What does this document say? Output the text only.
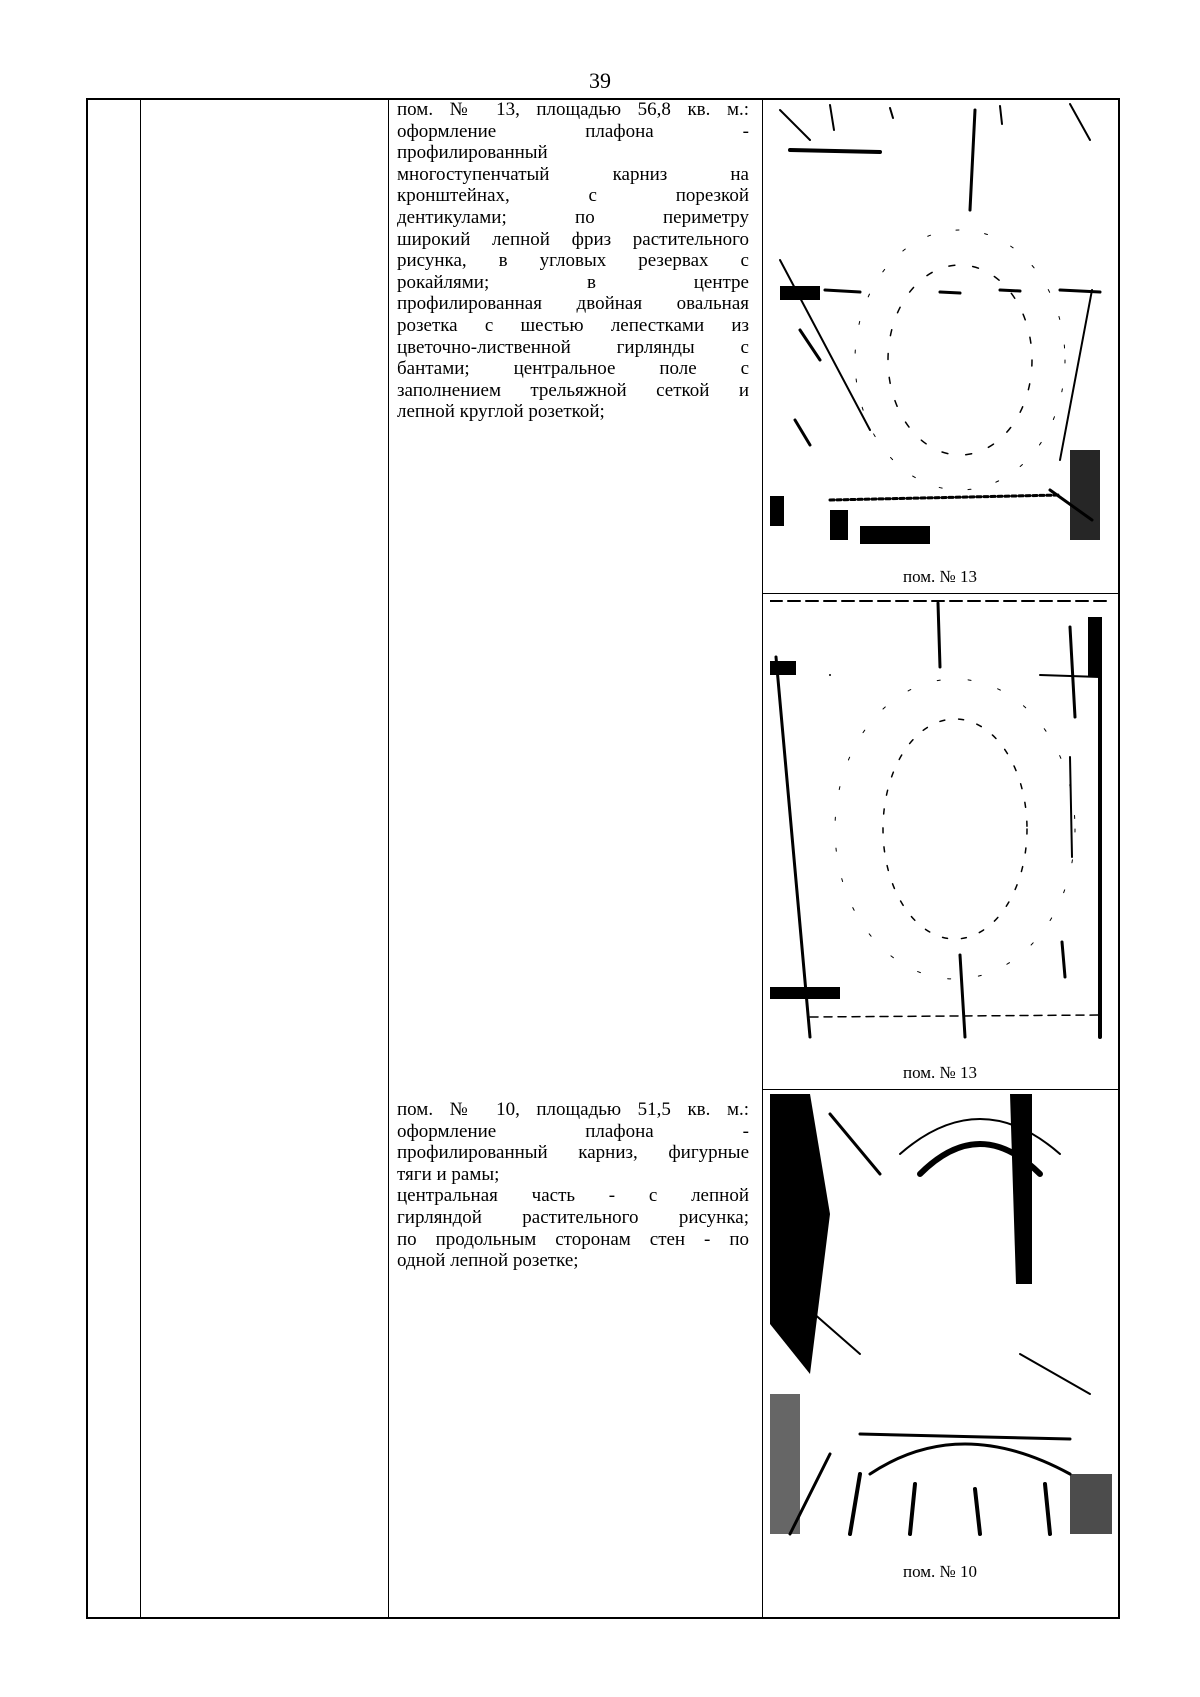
39
пом. № 13, площадью 56,8 кв. м.:
оформление плафона -
профилированный
многоступенчатый карниз на
кронштейнах, с порезкой
дентикулами; по периметру
широкий лепной фриз растительного
рисунка, в угловых резервах с
рокайлями; в центре
профилированная двойная овальная
розетка с шестью лепестками из
цветочно-лиственной гирлянды с
бантами; центральное поле с
заполнением трельяжной сеткой и
лепной круглой розеткой;
пом. № 10, площадью 51,5 кв. м.:
оформление плафона -
профилированный карниз, фигурные
тяги и рамы;
центральная часть - с лепной
гирляндой растительного рисунка;
по продольным сторонам стен - по
одной лепной розетке;
пом. № 13
пом. № 13
пом. № 10
